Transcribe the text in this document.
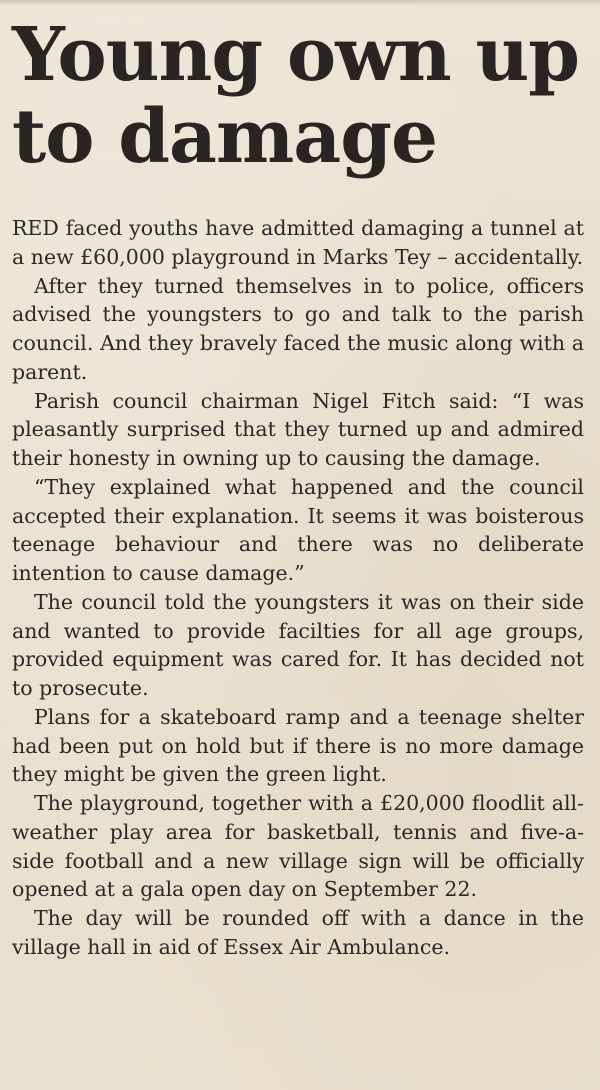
Young own up
to damage

RED faced youths have admitted damaging a tunnel at a new £60,000 playground in Marks Tey – accidentally.

After they turned themselves in to police, officers advised the youngsters to go and talk to the parish council. And they bravely faced the music along with a parent.

Parish council chairman Nigel Fitch said: “I was pleasantly surprised that they turned up and admired their honesty in owning up to causing the damage.

“They explained what happened and the council accepted their explanation. It seems it was boisterous teenage behaviour and there was no deliberate intention to cause damage.”

The council told the youngsters it was on their side and wanted to provide facilties for all age groups, provided equipment was cared for. It has decided not to prosecute.

Plans for a skateboard ramp and a teenage shelter had been put on hold but if there is no more damage they might be given the green light.

The playground, together with a £20,000 floodlit all-weather play area for basketball, tennis and five-a-side football and a new village sign will be officially opened at a gala open day on September 22.

The day will be rounded off with a dance in the village hall in aid of Essex Air Ambulance.
